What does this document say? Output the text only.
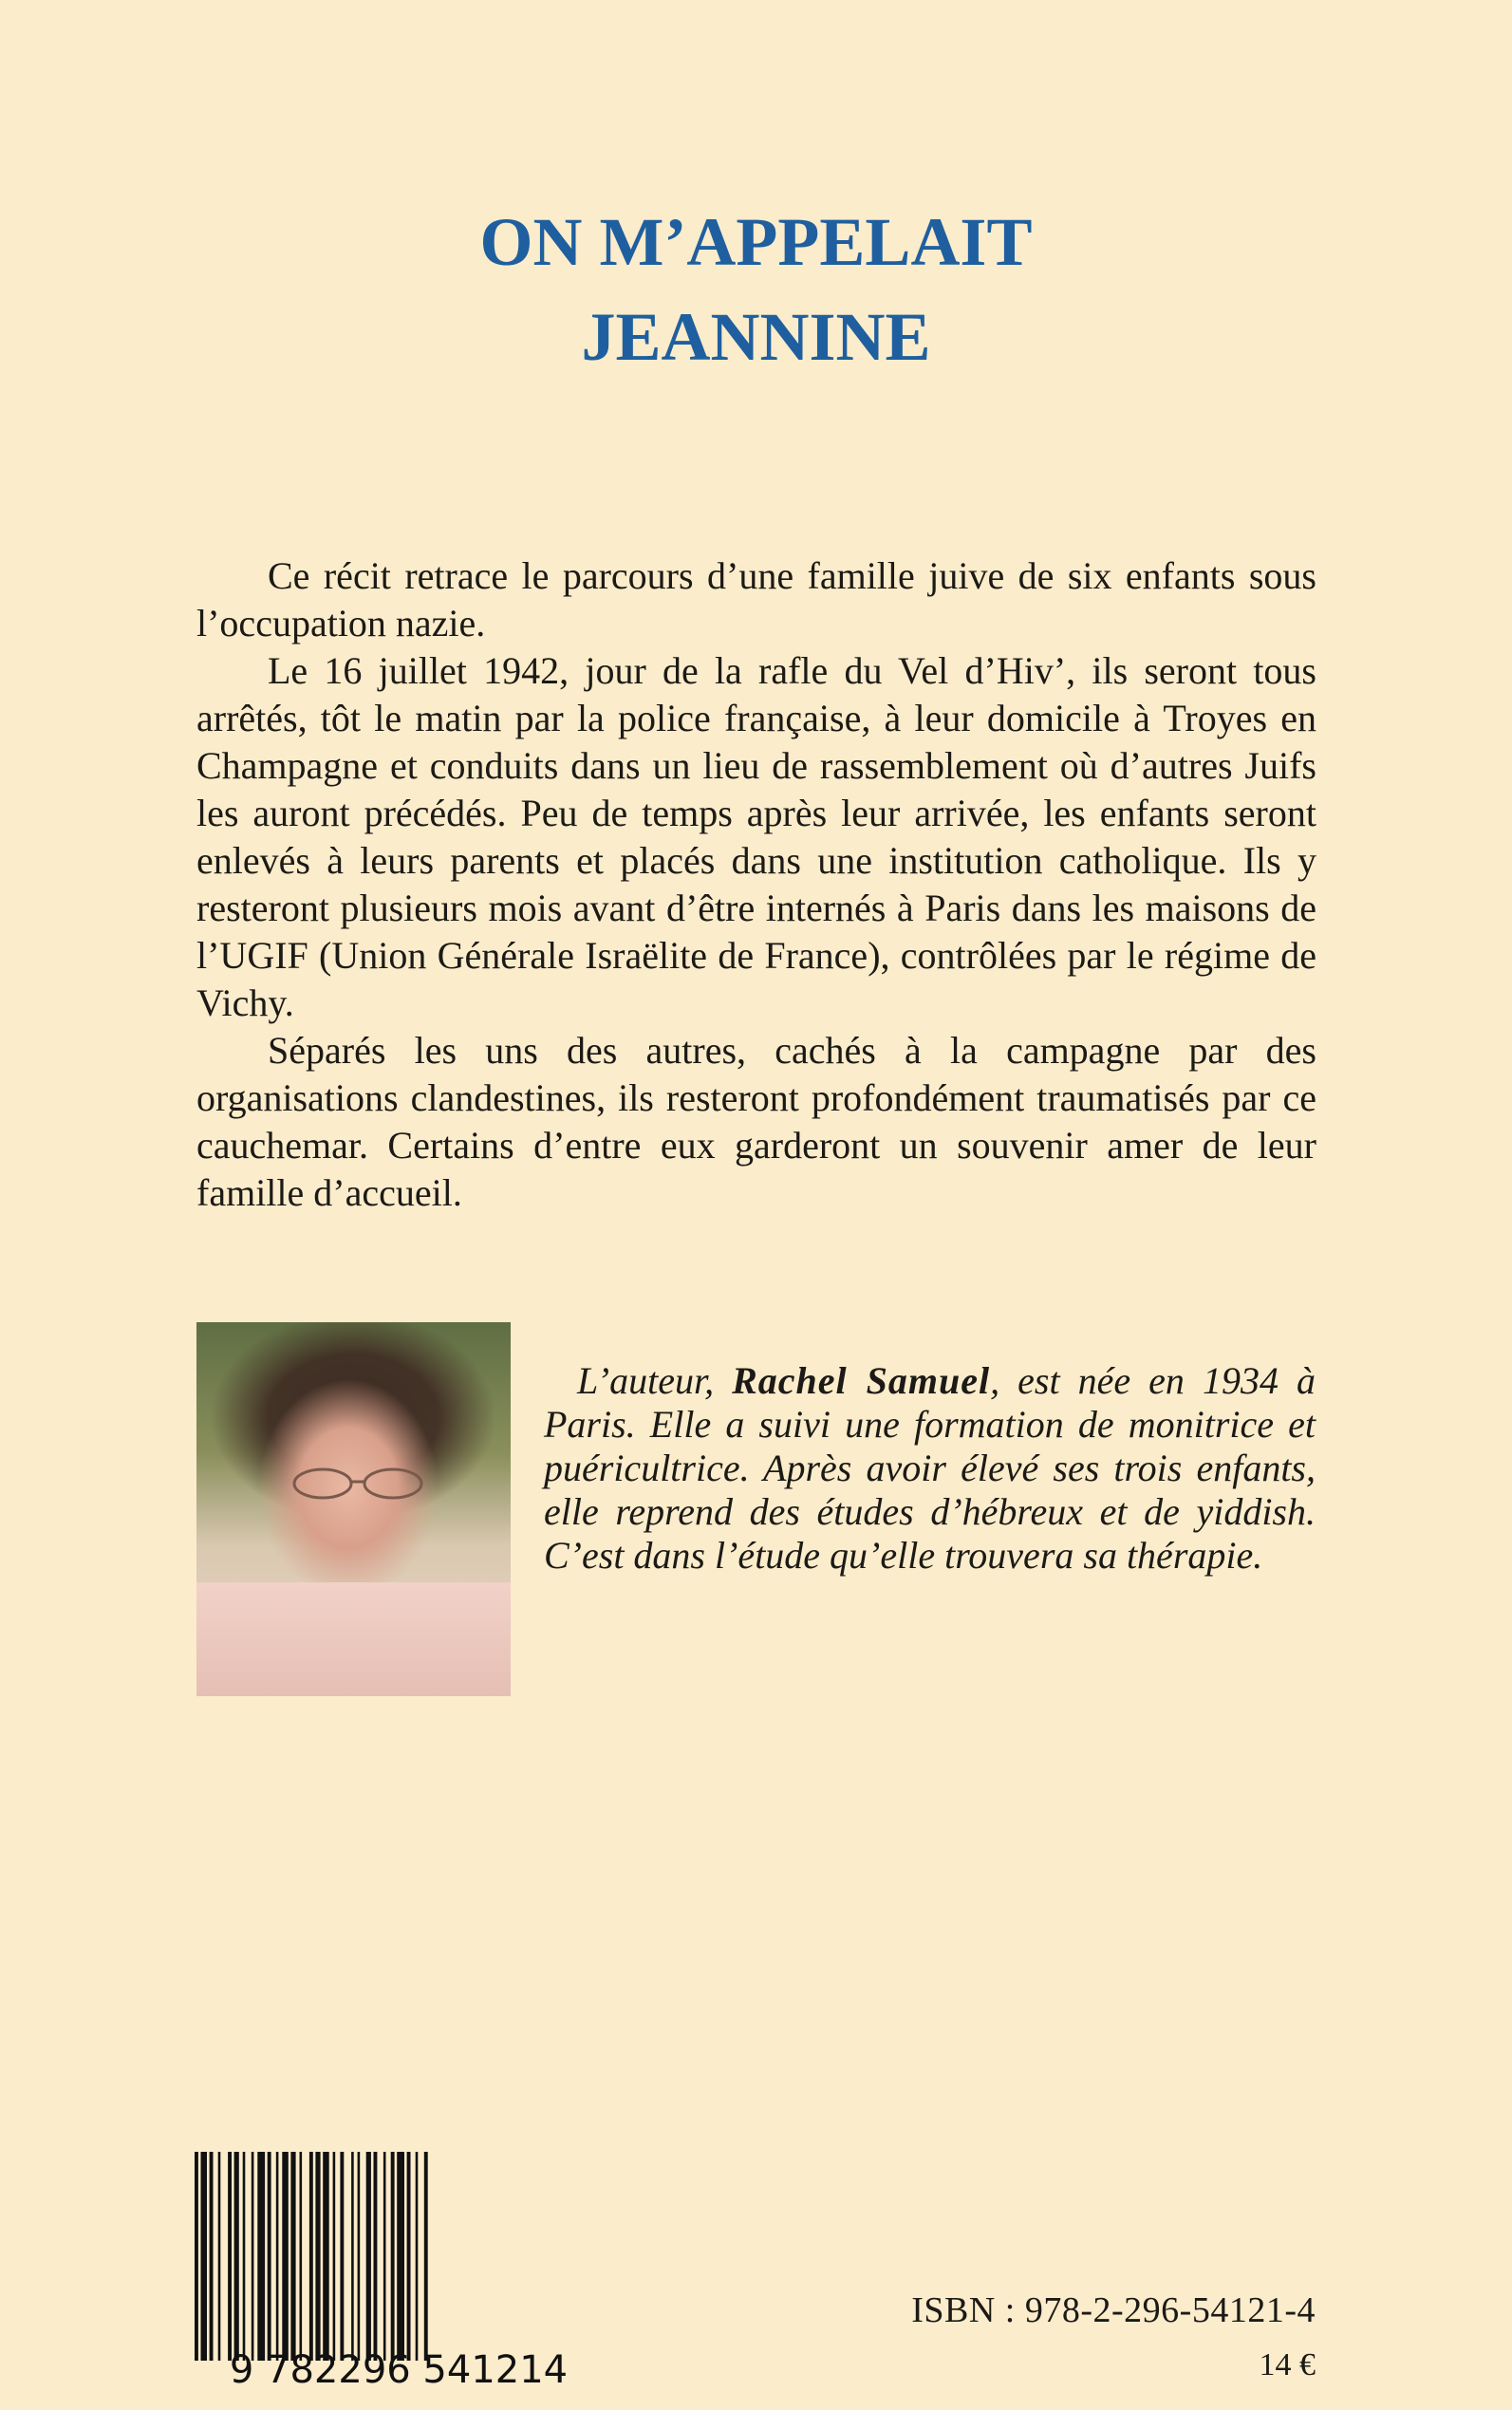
ON M’APPELAIT
JEANNINE

Ce récit retrace le parcours d’une famille juive de six enfants sous l’occupation nazie.

Le 16 juillet 1942, jour de la rafle du Vel d’Hiv’, ils seront tous arrêtés, tôt le matin par la police française, à leur domicile à Troyes en Champagne et conduits dans un lieu de rassemblement où d’autres Juifs les auront précédés. Peu de temps après leur arrivée, les enfants seront enlevés à leurs parents et placés dans une institution catholique. Ils y resteront plusieurs mois avant d’être internés à Paris dans les maisons de l’UGIF (Union Générale Israëlite de France), contrôlées par le régime de Vichy.

Séparés les uns des autres, cachés à la campagne par des organisations clandestines, ils resteront profondément traumatisés par ce cauchemar. Certains d’entre eux garderont un souvenir amer de leur famille d’accueil.

L’auteur, Rachel Samuel, est née en 1934 à Paris. Elle a suivi une formation de monitrice et puéricultrice. Après avoir élevé ses trois enfants, elle reprend des études d’hébreux et de yiddish. C’est dans l’étude qu’elle trouvera sa thérapie.

9 782296 541214
ISBN : 978-2-296-54121-4
14 €
